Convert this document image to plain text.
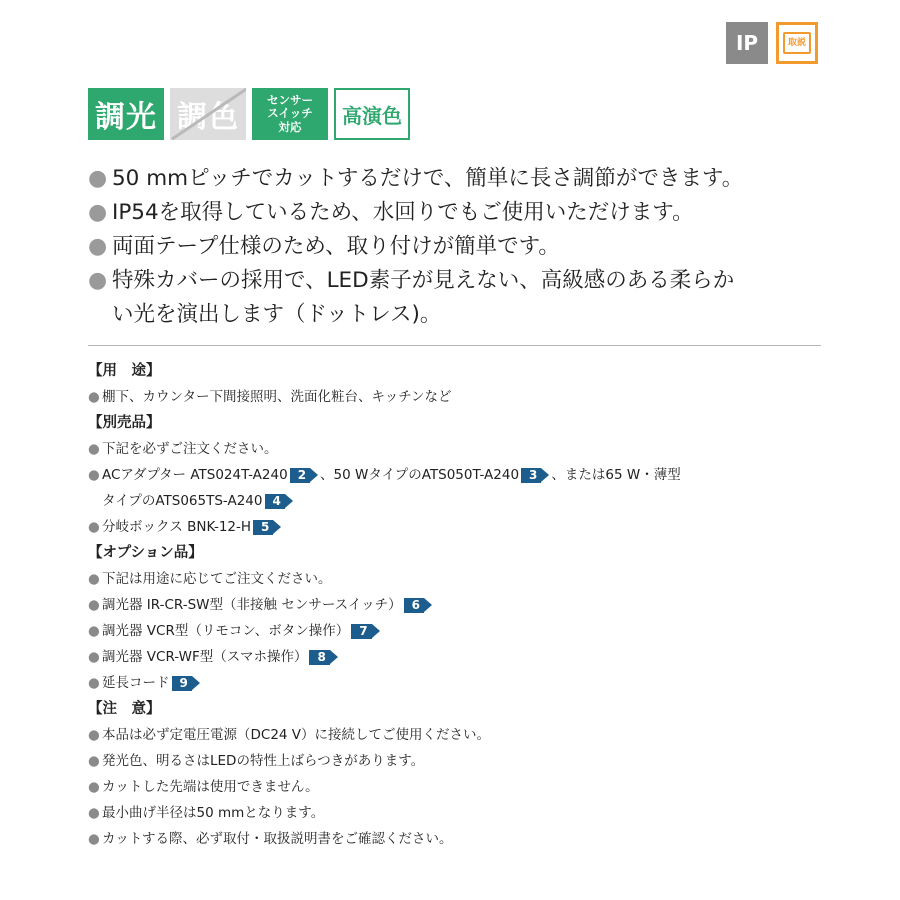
IP	取説
調光 調色 センサー
スイッチ
対応	高演色
● 50 mmピッチでカットするだけで、簡単に長さ調節ができます。
● IP54を取得しているため、水回りでもご使用いただけます。
● 両面テープ仕様のため、取り付けが簡単です。
● 特殊カバーの採用で、LED素子が見えない、高級感のある柔らか
い光を演出します（ドットレス)。
【用　途】
● 棚下、カウンター下間接照明、洗面化粧台、キッチンなど
【別売品】
● 下記を必ずご注文ください。
● ACアダプター ATS024T-A240 2 、50 WタイプのATS050T-A240 3 、または65 W・薄型
タイプのATS065TS-A240 4
● 分岐ボックス BNK-12-H 5
【オプション品】
● 下記は用途に応じてご注文ください。
● 調光器 IR-CR-SW型（非接触 センサースイッチ） 6
● 調光器 VCR型（リモコン、ボタン操作） 7
● 調光器 VCR-WF型（スマホ操作） 8
● 延長コード 9
【注　意】
● 本品は必ず定電圧電源（DC24 V）に接続してご使用ください。
● 発光色、明るさはLEDの特性上ばらつきがあります。
● カットした先端は使用できません。
● 最小曲げ半径は50 mmとなります。
● カットする際、必ず取付・取扱説明書をご確認ください。
